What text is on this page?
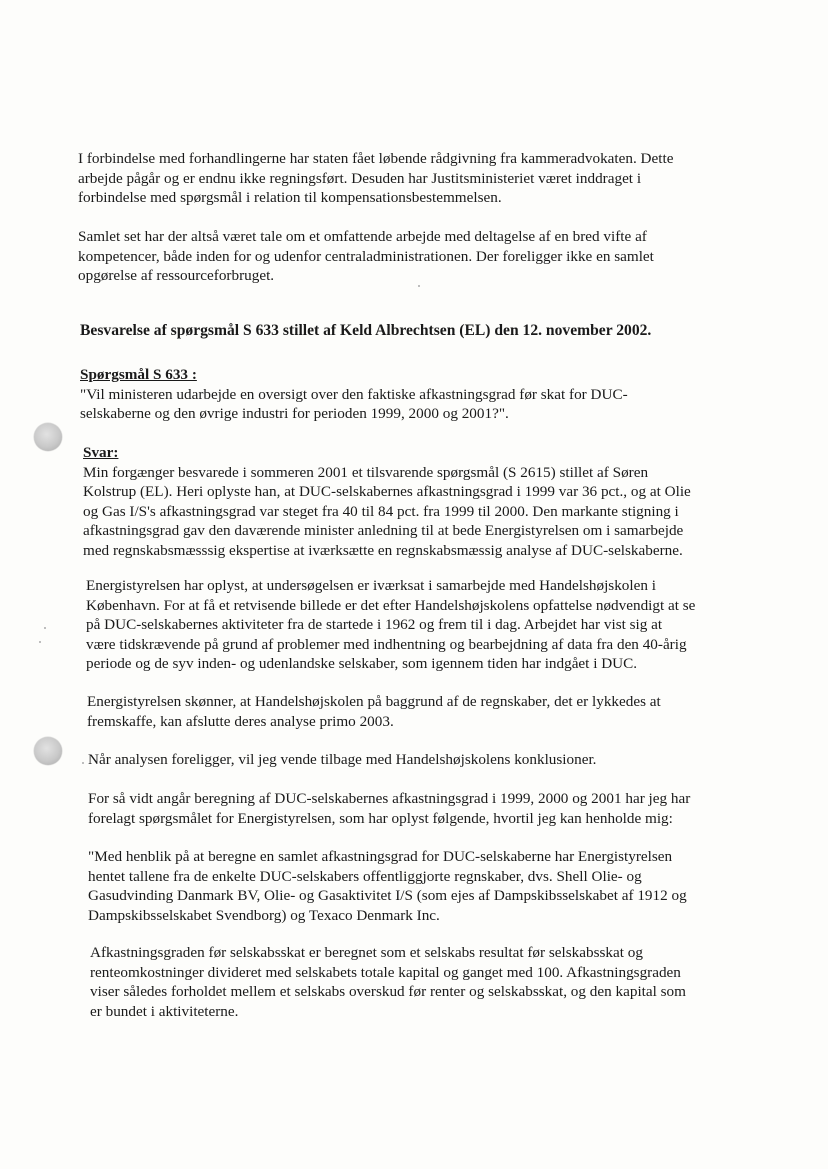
I forbindelse med forhandlingerne har staten fået løbende rådgivning fra kammeradvokaten. Dette
arbejde pågår og er endnu ikke regningsført. Desuden har Justitsministeriet været inddraget i
forbindelse med spørgsmål i relation til kompensationsbestemmelsen.
Samlet set har der altså været tale om et omfattende arbejde med deltagelse af en bred vifte af
kompetencer, både inden for og udenfor centraladministrationen. Der foreligger ikke en samlet
opgørelse af ressourceforbruget.
Besvarelse af spørgsmål S 633 stillet af Keld Albrechtsen (EL) den 12. november 2002.
Spørgsmål S 633 :
"Vil ministeren udarbejde en oversigt over den faktiske afkastningsgrad før skat for DUC-
selskaberne og den øvrige industri for perioden 1999, 2000 og 2001?".
Svar:
Min forgænger besvarede i sommeren 2001 et tilsvarende spørgsmål (S 2615) stillet af Søren
Kolstrup (EL). Heri oplyste han, at DUC-selskabernes afkastningsgrad i 1999 var 36 pct., og at Olie
og Gas I/S's afkastningsgrad var steget fra 40 til 84 pct. fra 1999 til 2000. Den markante stigning i
afkastningsgrad gav den daværende minister anledning til at bede Energistyrelsen om i samarbejde
med regnskabsmæsssig ekspertise at iværksætte en regnskabsmæssig analyse af DUC-selskaberne.
Energistyrelsen har oplyst, at undersøgelsen er iværksat i samarbejde med Handelshøjskolen i
København. For at få et retvisende billede er det efter Handelshøjskolens opfattelse nødvendigt at se
på DUC-selskabernes aktiviteter fra de startede i 1962 og frem til i dag. Arbejdet har vist sig at
være tidskrævende på grund af problemer med indhentning og bearbejdning af data fra den 40-årig
periode og de syv inden- og udenlandske selskaber, som igennem tiden har indgået i DUC.
Energistyrelsen skønner, at Handelshøjskolen på baggrund af de regnskaber, det er lykkedes at
fremskaffe, kan afslutte deres analyse primo 2003.
Når analysen foreligger, vil jeg vende tilbage med Handelshøjskolens konklusioner.
For så vidt angår beregning af DUC-selskabernes afkastningsgrad i 1999, 2000 og 2001 har jeg har
forelagt spørgsmålet for Energistyrelsen, som har oplyst følgende, hvortil jeg kan henholde mig:
"Med henblik på at beregne en samlet afkastningsgrad for DUC-selskaberne har Energistyrelsen
hentet tallene fra de enkelte DUC-selskabers offentliggjorte regnskaber, dvs. Shell Olie- og
Gasudvinding Danmark BV, Olie- og Gasaktivitet I/S (som ejes af Dampskibsselskabet af 1912 og
Dampskibsselskabet Svendborg) og Texaco Denmark Inc.
Afkastningsgraden før selskabsskat er beregnet som et selskabs resultat før selskabsskat og
renteomkostninger divideret med selskabets totale kapital og ganget med 100. Afkastningsgraden
viser således forholdet mellem et selskabs overskud før renter og selskabsskat, og den kapital som
er bundet i aktiviteterne.
